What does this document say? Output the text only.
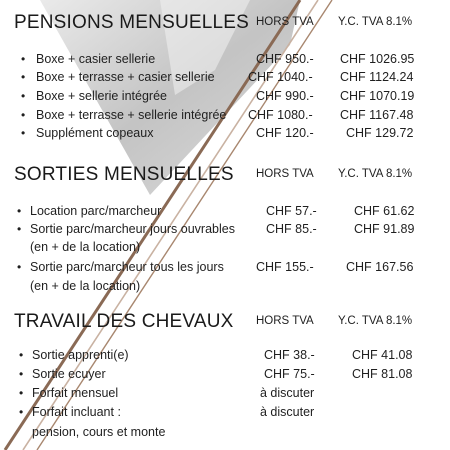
PENSIONS MENSUELLES HORS TVA Y.C. TVA 8.1%
• Boxe + casier sellerie	CHF 950.- CHF 1026.95
• Boxe + terrasse + casier sellerie	CHF 1040.- CHF 1124.24
• Boxe + sellerie intégrée	CHF 990.- CHF 1070.19
• Boxe + terrasse + sellerie intégrée CHF 1080.- CHF 1167.48
• Supplément copeaux	CHF 120.-	CHF 129.72
SORTIES MENSUELLES HORS TVA Y.C. TVA 8.1%
• Location parc/marcheur	CHF 57.-	CHF 61.62
• Sortie parc/marcheur jours ouvrables
(en + de la location)
CHF 85.-	CHF 91.89
• Sortie parc/marcheur tous les jours
(en + de la location)
CHF 155.-	CHF 167.56
TRAVAIL DES CHEVAUX HORS TVA Y.C. TVA 8.1%
• Sortie apprenti(e)	CHF 38.-	CHF 41.08
• Sortie ecuyer	CHF 75.-	CHF 81.08
• Forfait mensuel	à discuter
• Forfait incluant :
pension, cours et monte
à discuter
